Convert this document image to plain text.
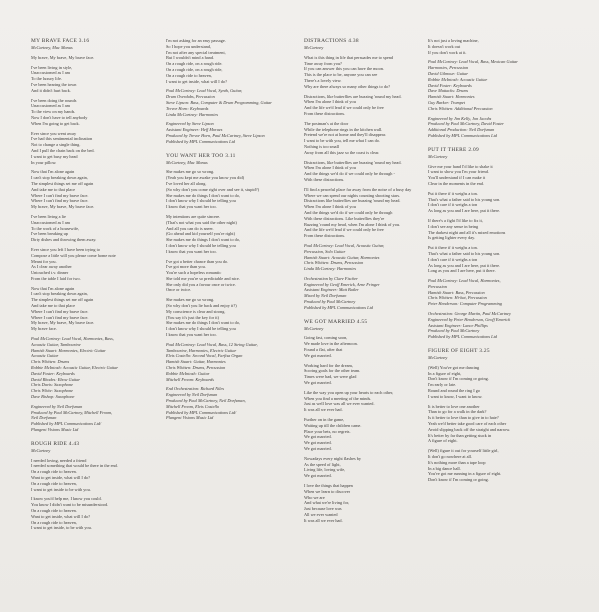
MY BRAVE FACE 3.16
McCartney, Mac Manus
My brave, My brave, My brave face.
I've been living in style,
Unaccustomed as I am
To the luxury life.
I've been hearing the town
And it didn't hurt back.
I've been doing the rounds
Unaccustomed as I am
To the view on my hands.
Now I don't have to tell anybody
When I'm going to get back.
Ever since you went away
I've had this sentimental inclination
Not to change a single thing.
And I pull the chain back on the bed.
I want to get busy my head
In your pillow.
Now that I'm alone again
I can't stop breaking down again,
The simplest things set me off again
And take me to that place
Where I can't find my brave face.
Where I can't find my brave face.
My brave, My brave, My brave face.
I've been living a lie
Unaccustomed as I am
To the work of a housewife,
I've been breaking up
Dirty dishes and throwing them away.
Ever since you left I have been trying to
Compose a little will you please come home note
Meant for you.
As I clear away another
Untouched t.v. dinner
From the table I laid for two.
Now that I'm alone again
I can't stop breaking down again,
The simplest things set me off again
And take me to that place
Where I can't find my brave face.
Where I can't find my brave face.
My brave, My brave, My brave face.
My brave face.
Paul McCartney: Lead Vocal, Harmonies, Bass,
Acoustic Guitar, Tambourine
Hamish Stuart: Harmonies, Electric Guitar
Acoustic Guitar
Chris Whitten: Drums
Robbie McIntosh: Acoustic Guitar, Electric Guitar
David Foster: Keyboards
David Rhodes: Ebow Guitar
Chris Davis: Saxophone
Chris White: Saxophone
Dave Bishop: Saxophone
Engineered by Neil Dorfsman
Produced by Paul McCartney, Mitchell Froom,
Neil Dorfsman
Published by MPL Communications Ltd/
Plangent Visions Music Ltd
ROUGH RIDE 4.43
McCartney
I needed loving, needed a friend
I needed something that would be there in the end.
On a rough ride to heaven.
Want to get inside, what will I do?
On a rough ride to heaven,
I want to get inside to be with you.
I know you'd help me, I know you could.
You know I didn't want to be misunderstood.
On a rough ride to heaven.
Want to get inside, what will I do?
On a rough ride to heaven,
I want to get inside, to be with you.
I'm not asking for an easy passage.
So I hope you understand,
I'm not after any special treatment,
But I wouldn't mind a hand.
On a rough ride, on a rough ride.
On a rough ride, on a rough ride,
On a rough ride to heaven,
I want to get inside, what will I do?
Paul McCartney: Lead Vocal, Synth, Guitar,
Drum Overdubs, Percussion
Steve Lipson: Bass, Computer & Drum Programming, Guitar
Trevor Horn: Keyboards
Linda McCartney: Harmonies
Engineered by Steve Lipson
Assistant Engineer: Heff Moraes
Produced by Trevor Horn, Paul McCartney, Steve Lipson
Published by MPL Communications Ltd
YOU WANT HER TOO 3.11
McCartney, Mac Manus
She makes me go so wrong.
(Yeah you kept me awake you know you did)
I've loved her all along.
(So why don't you come right over and see it, stupid?)
She makes me do things I don't want to do,
I don't know why I should be telling you
I know that you want her too.
My intentions are quite sincere.
(That's not what you said the other night)
And all you can do is sneer.
(Go ahead and kid yourself you're right)
She makes me do things I don't want to do,
I don't know why I should be telling you
I know that you want her too.
I've got a better chance than you do.
I've got more than you.
You're such a hopeless romantic
She told me you're so predictable and nice.
She only did you a favour once or twice.
Once or twice.
She makes me go so wrong.
(So why don't you lie back and enjoy it?)
My conscience is clear and strong.
(You say it's just the key for it)
She makes me do things I don't want to do,
I don't know why I should be telling you
I know that you want her too.
Paul McCartney: Lead Vocal, Bass, 12 String Guitar,
Tambourine, Harmonies, Electric Guitar
Elvis Costello: Second Vocal, Farfisa Organ
Hamish Stuart: Guitar, Harmonies
Chris Whitten: Drums, Percussion
Robbie McIntosh: Guitar
Mitchell Froom: Keyboards
End Orchestration: Richard Niles
Engineered by Neil Dorfsman
Produced by Paul McCartney, Neil Dorfsman,
Mitchell Froom, Elvis Costello
Published by MPL Communications Ltd/
Plangent Visions Music Ltd
DISTRACTIONS 4.38
McCartney
What is this thing in life that persuades me to spend
Time away from you?
If you can answer this you can have the moon.
This is the place to be, anyone you can see
There's a lovely view.
Why are there always so many other things to do?
Distractions, like butterflies are buzzing 'round my head.
When I'm alone I think of you
And the life we'd lead if we could only be free
From these distractions.
The postman's at the door
While the telephone rings in the kitchen wall.
Pretend we're not at home and they'll disappear.
I want to be with you, tell me what I can do.
Nothing is too small
Away from all this jazz so the coast is clear.
Distractions, like butterflies are buzzing 'round my head.
When I'm alone I think of you
And the things we'd do if we could only be through -
With these distractions.
I'll find a peaceful place far away from the noise of a busy day
Where we can spend our nights counting shooting stars.
Distractions like butterflies are buzzing 'round my head.
When I'm alone I think of you
And the things we'd do if we could only be through
With these distractions. Like butterflies they're
Buzzing 'round my head, when I'm alone I think of you.
And the life we'd lead if we could only be free
From these distractions.
Paul McCartney: Lead Vocal, Acoustic Guitar,
Percussion, Solo Guitar
Hamish Stuart: Acoustic Guitar, Harmonies
Chris Whitten: Drums, Percussion
Linda McCartney: Harmonies
Orchestration by Clare Fischer
Engineered by Geoff Emerick, Arne Fringer
Assistant Engineer: Matt Butler
Mixed by Neil Dorfsman
Produced by Paul McCartney
Published by MPL Communications Ltd
WE GOT MARRIED 4.55
McCartney
Going fast, coming soon,
We made love in the afternoon.
Found a flat, after that
We got married.
Working hard for the dream,
Scoring goals for the other team.
Times were bad, we were glad
We got married.
Like the way you open up your hearts to each other,
When you find a meeting of the minds.
Just as well love was all we ever wanted.
It was all we ever had.
Further on in the game,
Waiting up till the children came.
Place your bets, no regrets.
We got married.
We got married.
We got married.
Nowadays every night flashes by
As the speed of light,
Living life, loving wife,
We got married.
I love the things that happen
When we learn to discover
Who we are
And what we're living for,
Just because love was
All we ever wanted
It was all we ever had.
It's not just a loving machine,
It doesn't work out
If you don't work at it.
Paul McCartney: Lead Vocal, Bass, Mexican Guitar
Harmonies, Percussion
David Gilmour: Guitar
Robbie McIntosh: Acoustic Guitar
David Foster: Keyboards
Dave Mattacks: Drums
Hamish Stuart: Harmonies
Guy Barker: Trumpet
Chris Whitten: Additional Percussion
Engineered by Jim Kelly, Jon Jacobs
Produced by Paul McCartney, David Foster
Additional Production: Neil Dorfsman
Published by MPL Communications Ltd
PUT IT THERE 2.09
McCartney
Give me your hand I'd like to shake it
I want to show you I'm your friend.
You'll understand if I can make it
Clear in the moments in the end.
Put it there if it weighs a ton.
That's what a father said to his young son.
I don't care if it weighs a ton
As long as you and I are here, put it there.
If there's a fight I'd like to fix it,
I don't see any sense in being
The darkest night and all it's mixed emotions
Is getting lighter every day.
Put it there if it weighs a ton.
That's what a father said to his young son.
I don't care if it weighs a ton
As long as you and I are here, put it there.
Long as you and I are here, put it there.
Paul McCartney: Lead Vocal, Harmonies,
Percussion
Hamish Stuart: Bass, Percussion
Chris Whitten: Hi-hat, Percussion
Peter Henderson: Computer Programming
Orchestration: George Martin, Paul McCartney
Engineered by Peter Henderson, Geoff Emerick
Assistant Engineer: Lance Phillips
Produced by Paul McCartney
Published by MPL Communications Ltd
FIGURE OF EIGHT 3.25
McCartney
(Well) You've got me dancing
In a figure of eight,
Don't know if I'm coming or going.
I'm early or late.
Round and round the ring I go
I want to know, I want to know.
It is better to love one another
Than to go for a walk in the dark?
Is it better to love than to give in to hate?
Yeah we'd better take good care of each other
Avoid slipping back off the straight and narrow.
It's better by far than getting stuck in
A figure of eight.
(Well) figure it out for yourself little girl,
It don't go nowhere at all.
It's nothing more than a tape loop
In a big dance hall.
You've got me running in a figure of eight.
Don't know if I'm coming or going.
